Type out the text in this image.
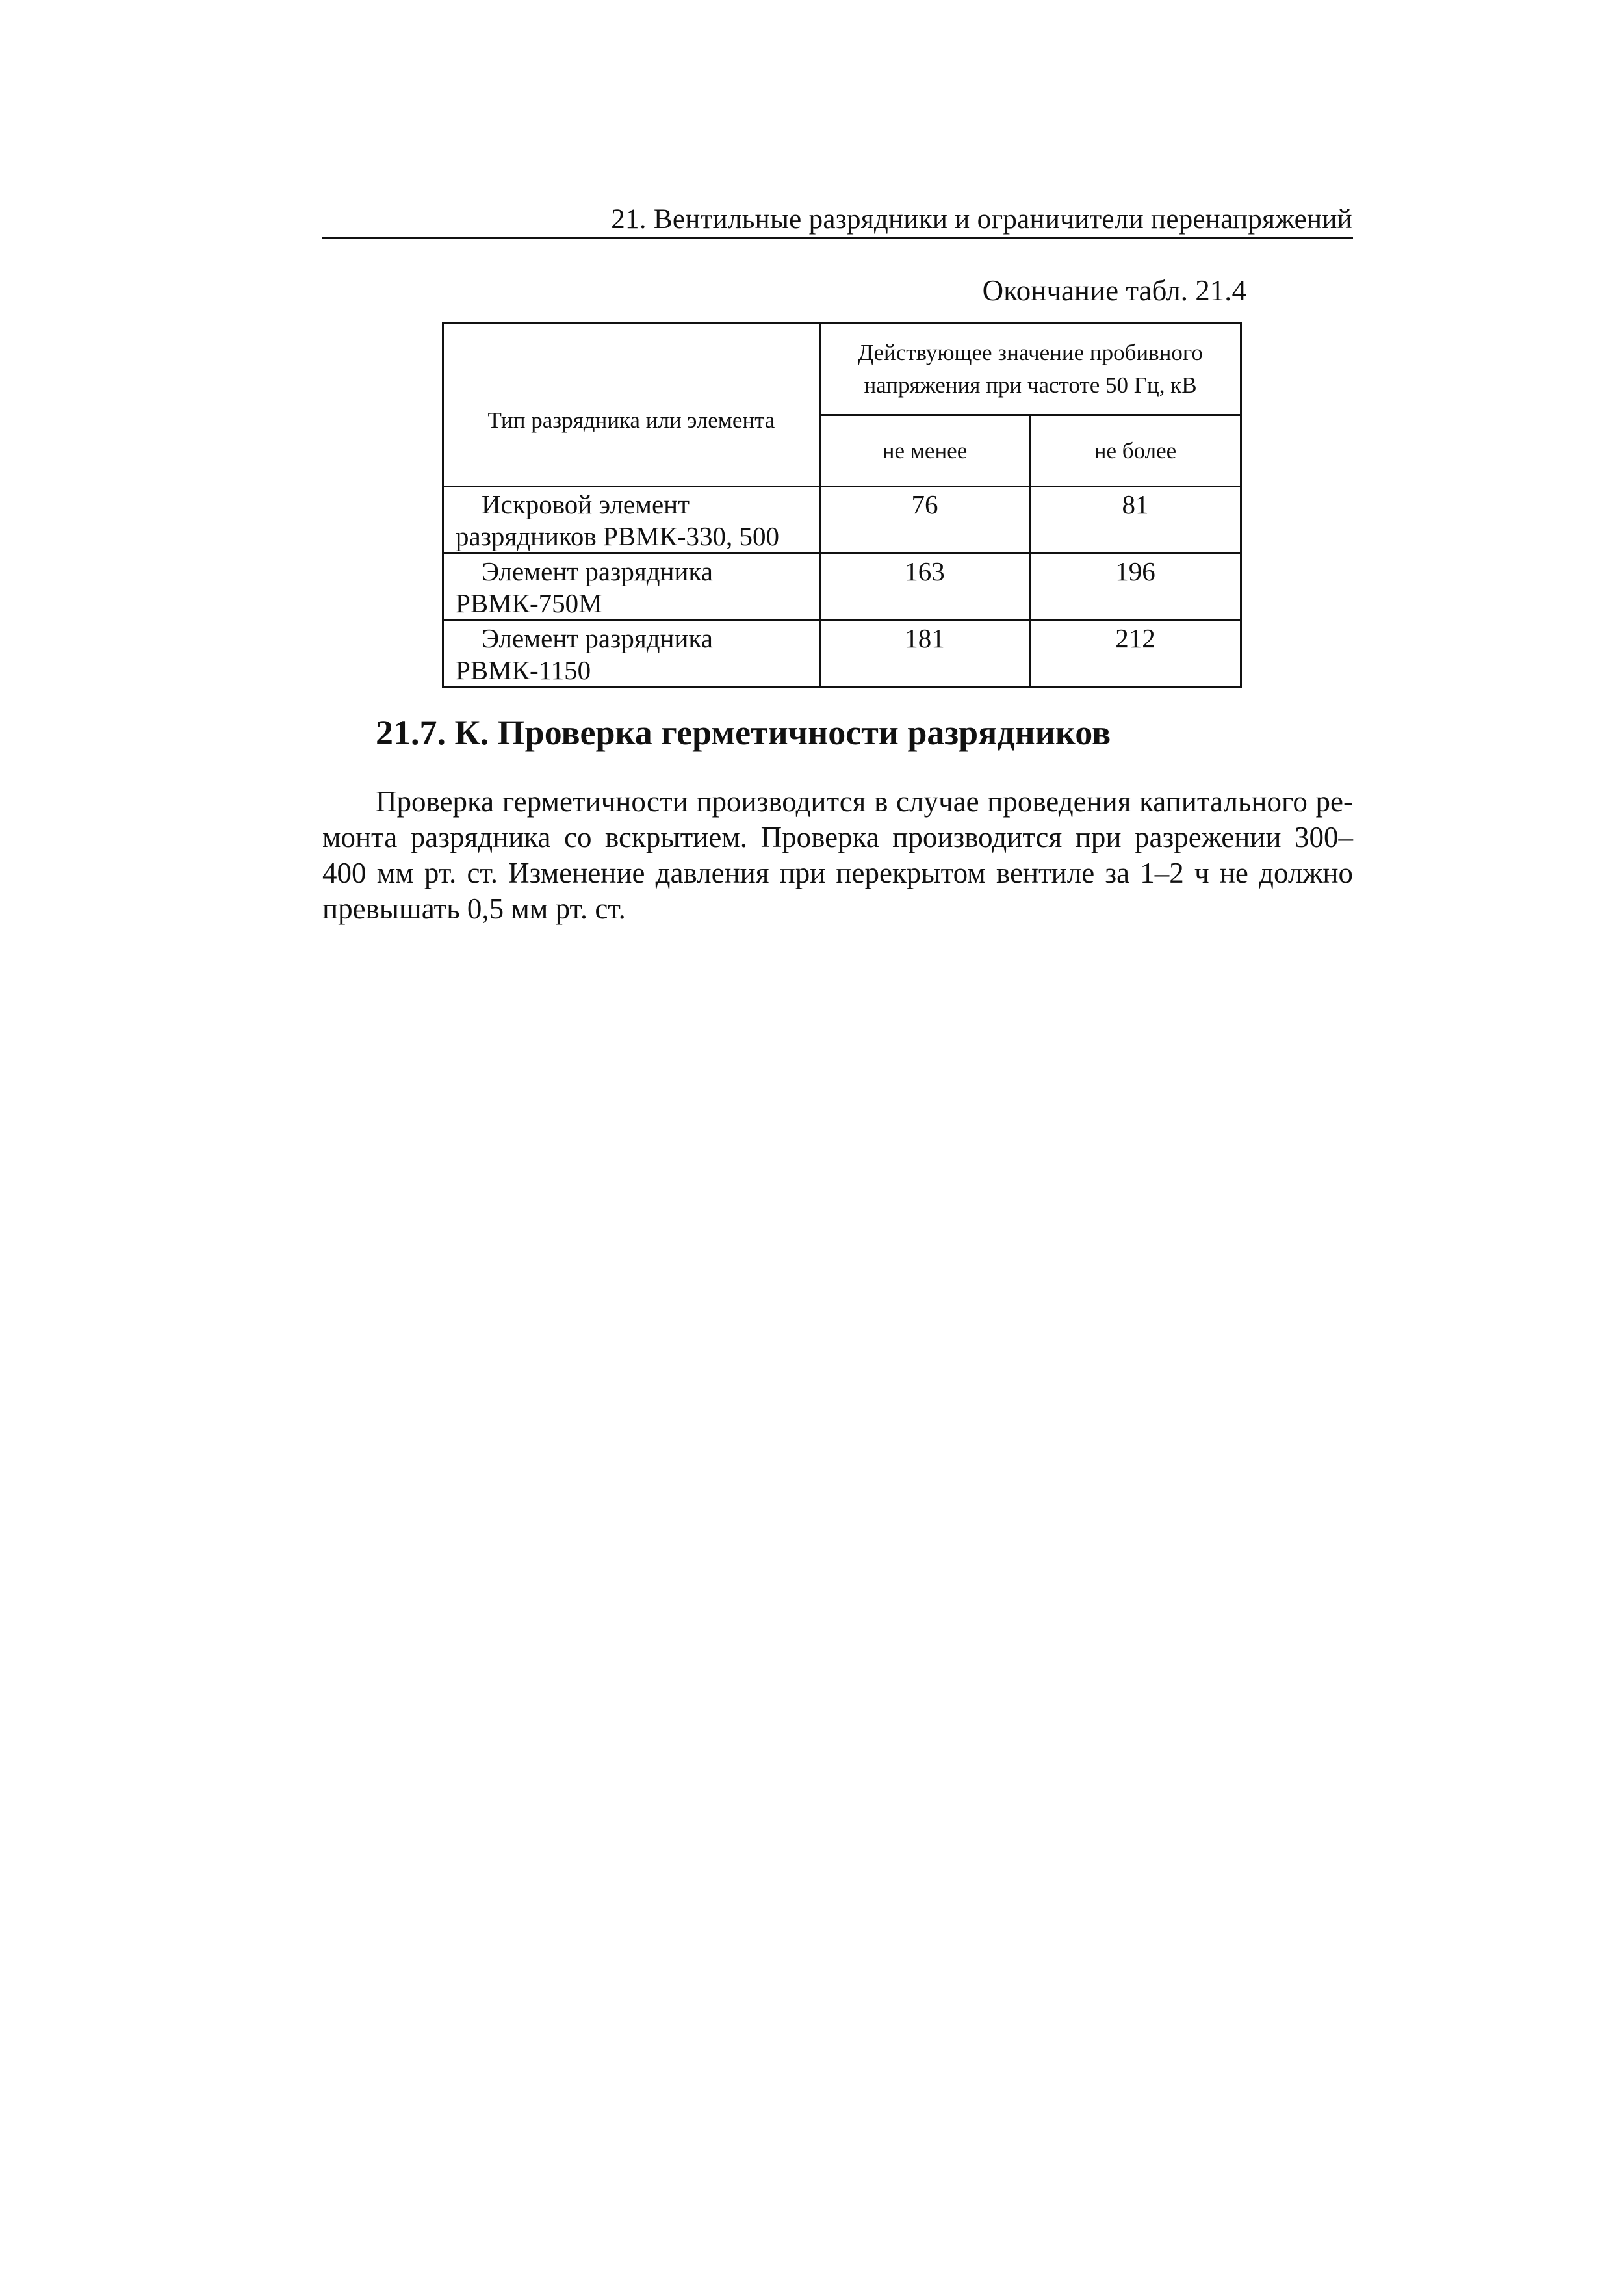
21. Вентильные разрядники и ограничители перенапряжений
Окончание табл. 21.4
Тип разрядника или элемента	Действующее значение пробивного
напряжения при частоте 50 Гц, кВ	
	не менее	не более

Искровой элемент
разрядников РВМК-330, 500	76	81

Элемент разрядника
РВМК-750М	163	196

Элемент разрядника
РВМК-1150	181	212
21.7. К. Проверка герметичности разрядников
Проверка герметичности производится в случае проведения капитального ре-
монта разрядника со вскрытием. Проверка производится при разрежении 300–
400 мм рт. ст. Изменение давления при перекрытом вентиле за 1–2 ч не должно
превышать 0,5 мм рт. ст.
